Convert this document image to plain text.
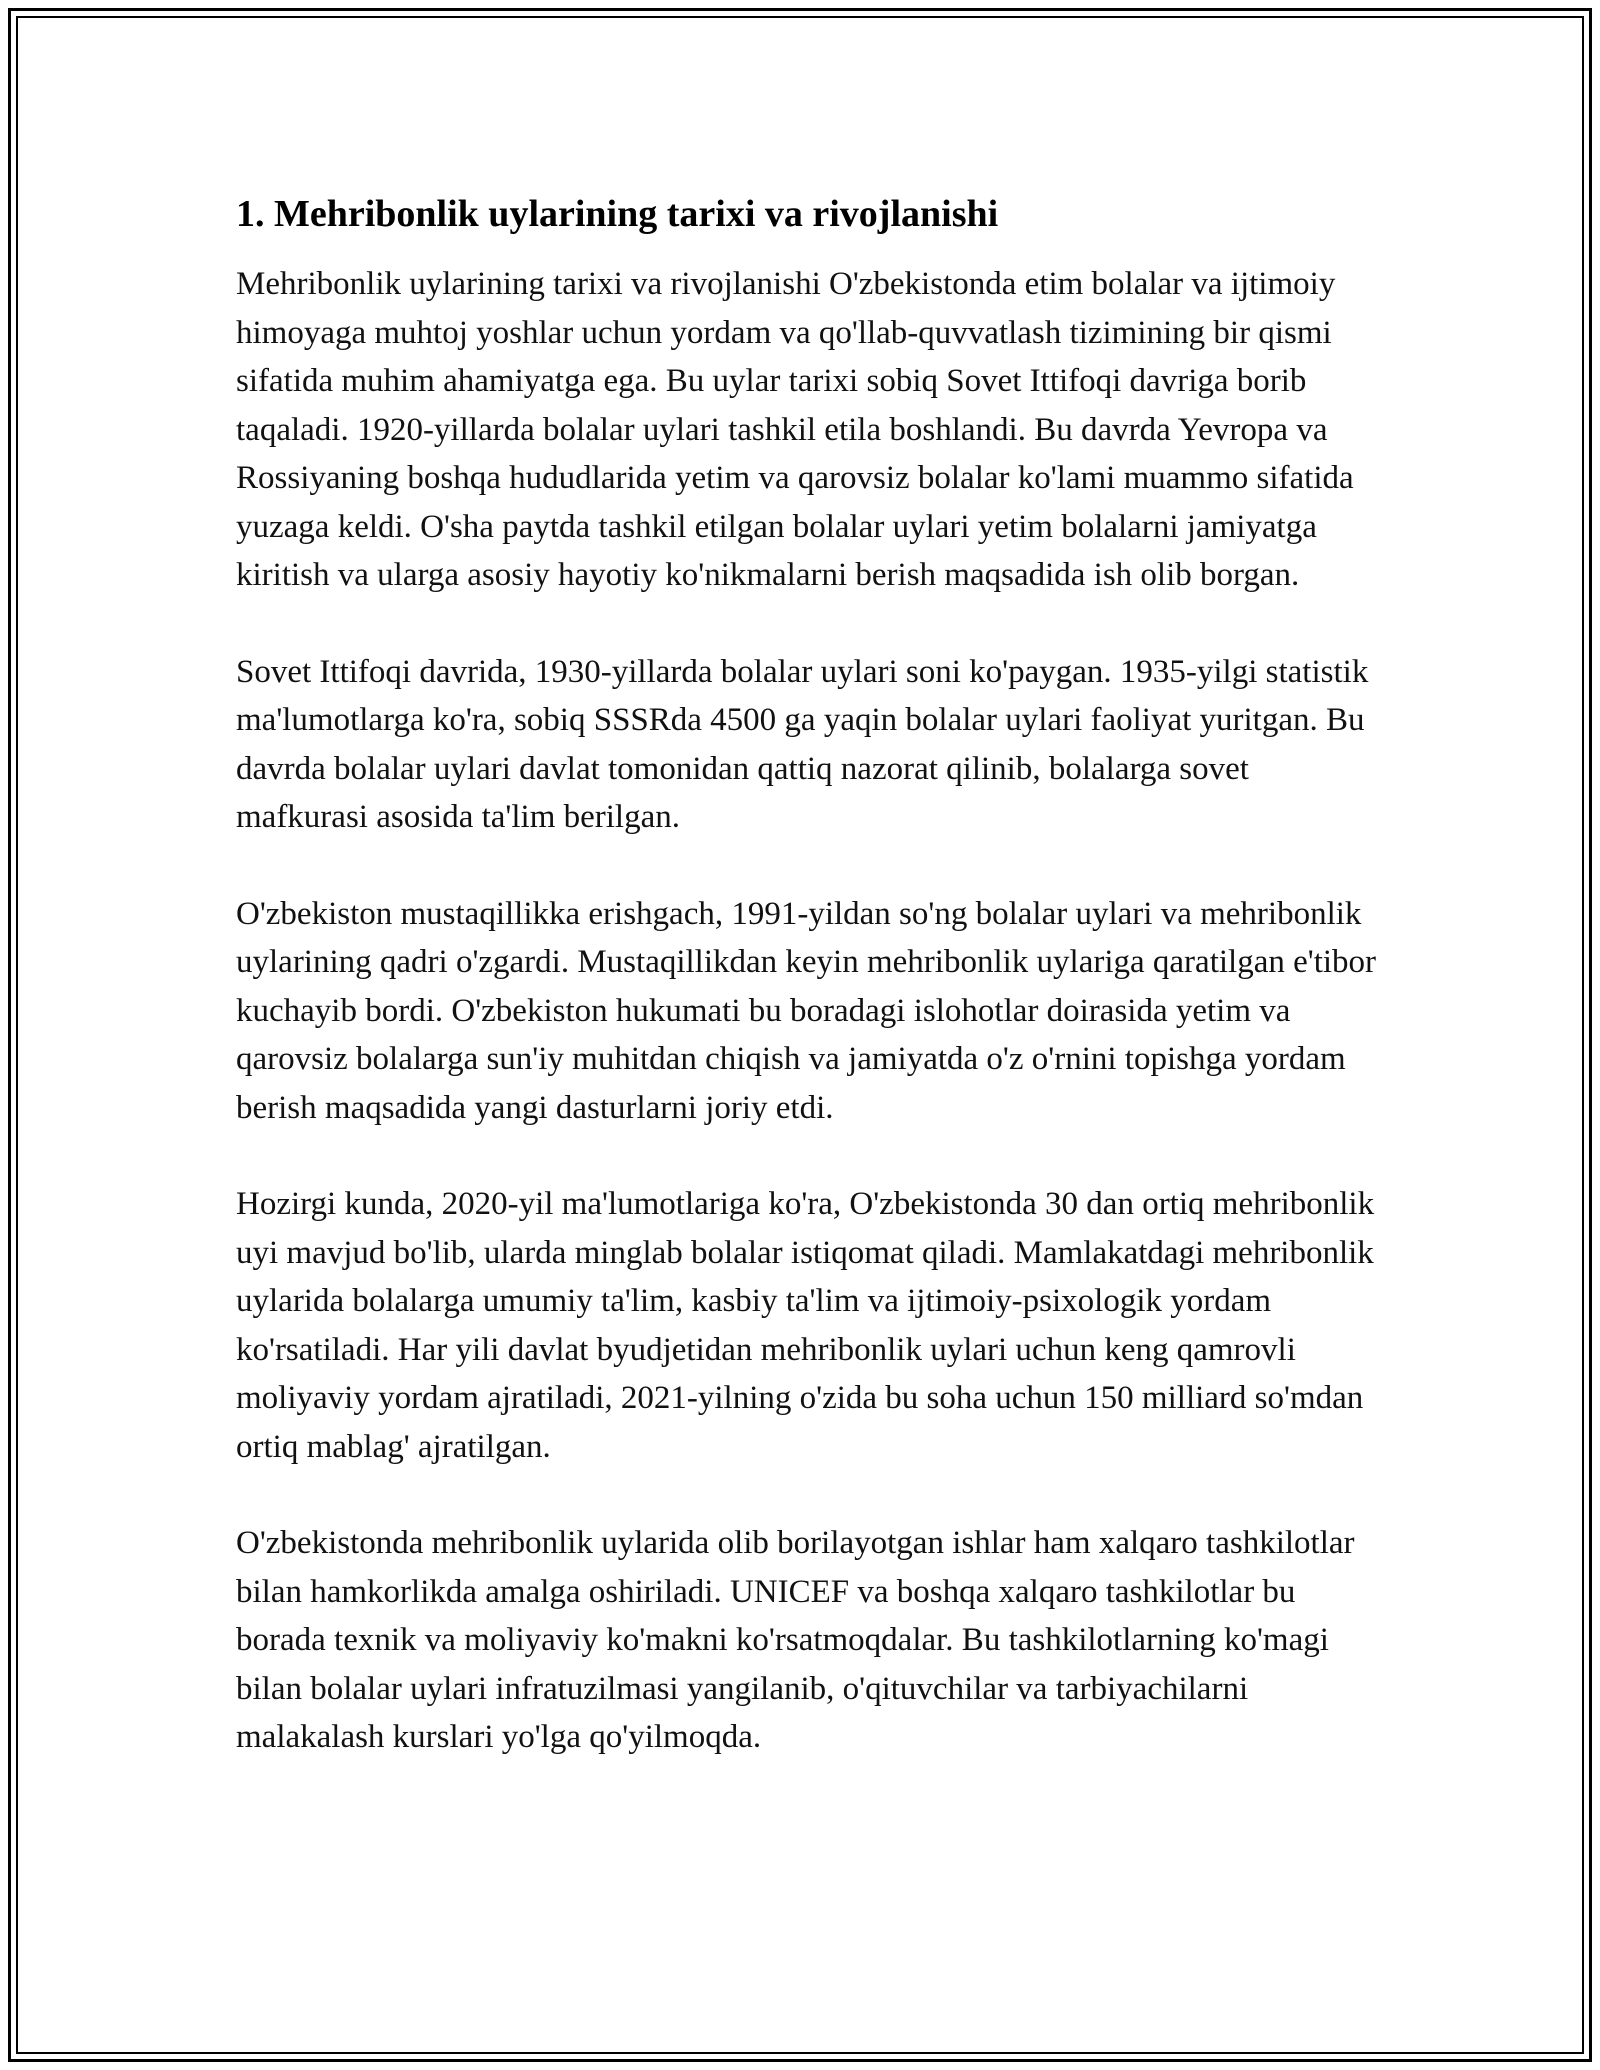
1. Mehribonlik uylarining tarixi va rivojlanishi

Mehribonlik uylarining tarixi va rivojlanishi O'zbekistonda etim bolalar va ijtimoiy himoyaga muhtoj yoshlar uchun yordam va qo'llab-quvvatlash tizimining bir qismi sifatida muhim ahamiyatga ega. Bu uylar tarixi sobiq Sovet Ittifoqi davriga borib taqaladi. 1920-yillarda bolalar uylari tashkil etila boshlandi. Bu davrda Yevropa va Rossiyaning boshqa hududlarida yetim va qarovsiz bolalar ko'lami muammo sifatida yuzaga keldi. O'sha paytda tashkil etilgan bolalar uylari yetim bolalarni jamiyatga kiritish va ularga asosiy hayotiy ko'nikmalarni berish maqsadida ish olib borgan.

Sovet Ittifoqi davrida, 1930-yillarda bolalar uylari soni ko'paygan. 1935-yilgi statistik ma'lumotlarga ko'ra, sobiq SSSRda 4500 ga yaqin bolalar uylari faoliyat yuritgan. Bu davrda bolalar uylari davlat tomonidan qattiq nazorat qilinib, bolalarga sovet mafkurasi asosida ta'lim berilgan.

O'zbekiston mustaqillikka erishgach, 1991-yildan so'ng bolalar uylari va mehribonlik uylarining qadri o'zgardi. Mustaqillikdan keyin mehribonlik uylariga qaratilgan e'tibor kuchayib bordi. O'zbekiston hukumati bu boradagi islohotlar doirasida yetim va qarovsiz bolalarga sun'iy muhitdan chiqish va jamiyatda o'z o'rnini topishga yordam berish maqsadida yangi dasturlarni joriy etdi.

Hozirgi kunda, 2020-yil ma'lumotlariga ko'ra, O'zbekistonda 30 dan ortiq mehribonlik uyi mavjud bo'lib, ularda minglab bolalar istiqomat qiladi. Mamlakatdagi mehribonlik uylarida bolalarga umumiy ta'lim, kasbiy ta'lim va ijtimoiy-psixologik yordam ko'rsatiladi. Har yili davlat byudjetidan mehribonlik uylari uchun keng qamrovli moliyaviy yordam ajratiladi, 2021-yilning o'zida bu soha uchun 150 milliard so'mdan ortiq mablag' ajratilgan.

O'zbekistonda mehribonlik uylarida olib borilayotgan ishlar ham xalqaro tashkilotlar bilan hamkorlikda amalga oshiriladi. UNICEF va boshqa xalqaro tashkilotlar bu borada texnik va moliyaviy ko'makni ko'rsatmoqdalar. Bu tashkilotlarning ko'magi bilan bolalar uylari infratuzilmasi yangilanib, o'qituvchilar va tarbiyachilarni malakalash kurslari yo'lga qo'yilmoqda.
